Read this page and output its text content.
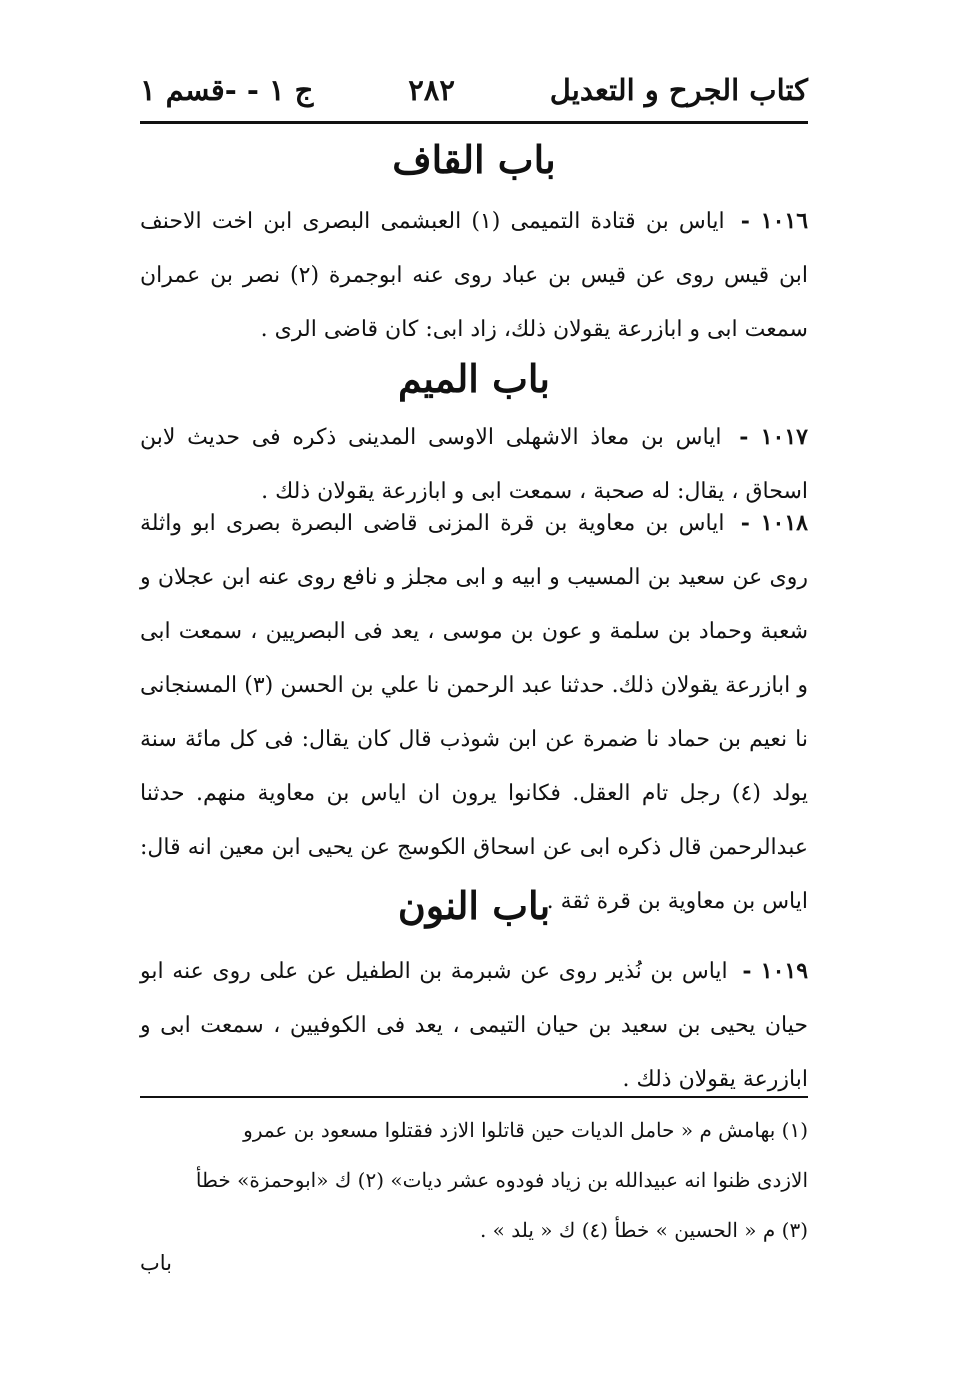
كتاب الجرح و التعديل
٢٨٢
ج ١ - -قسم ١
باب القاف
١٠١٦ - اياس بن قتادة التميمى (١) العبشمى البصرى ابن اخت الاحنف ابن قيس روى عن قيس بن عباد روى عنه ابوجمرة (٢) نصر بن عمران سمعت ابى و ابازرعة يقولان ذلك، زاد ابى: كان قاضى الرى .
باب الميم
١٠١٧ - اياس بن معاذ الاشهلى الاوسى المدينى ذكره فى حديث لابن اسحاق ، يقال: له صحبة ، سمعت ابى و ابازرعة يقولان ذلك .
١٠١٨ - اياس بن معاوية بن قرة المزنى قاضى البصرة بصرى ابو واثلة روى عن سعيد بن المسيب و ابيه و ابى مجلز و نافع روى عنه ابن عجلان و شعبة وحماد بن سلمة و عون بن موسى ، يعد فى البصريين ، سمعت ابى و ابازرعة يقولان ذلك. حدثنا عبد الرحمن نا علي بن الحسن (٣) المسنجانى نا نعيم بن حماد نا ضمرة عن ابن شوذب قال كان يقال: فى كل مائة سنة يولد (٤) رجل تام العقل. فكانوا يرون ان اياس بن معاوية منهم. حدثنا عبدالرحمن قال ذكره ابى عن اسحاق الكوسج عن يحيى ابن معين انه قال: اياس بن معاوية بن قرة ثقة .
باب النون
١٠١٩ - اياس بن نُذير روى عن شبرمة بن الطفيل عن على روى عنه ابو حيان يحيى بن سعيد بن حيان التيمى ، يعد فى الكوفيين ، سمعت ابى و ابازرعة يقولان ذلك .
(١) بهامش م « حامل الديات حين قاتلوا الازد فقتلوا مسعود بن عمرو
الازدى ظنوا انه عبيدالله بن زياد فودوه عشر ديات» (٢) ك «ابوحمزة» خطأ
(٣) م « الحسين » خطأ (٤) ك « يلد » .
باب
